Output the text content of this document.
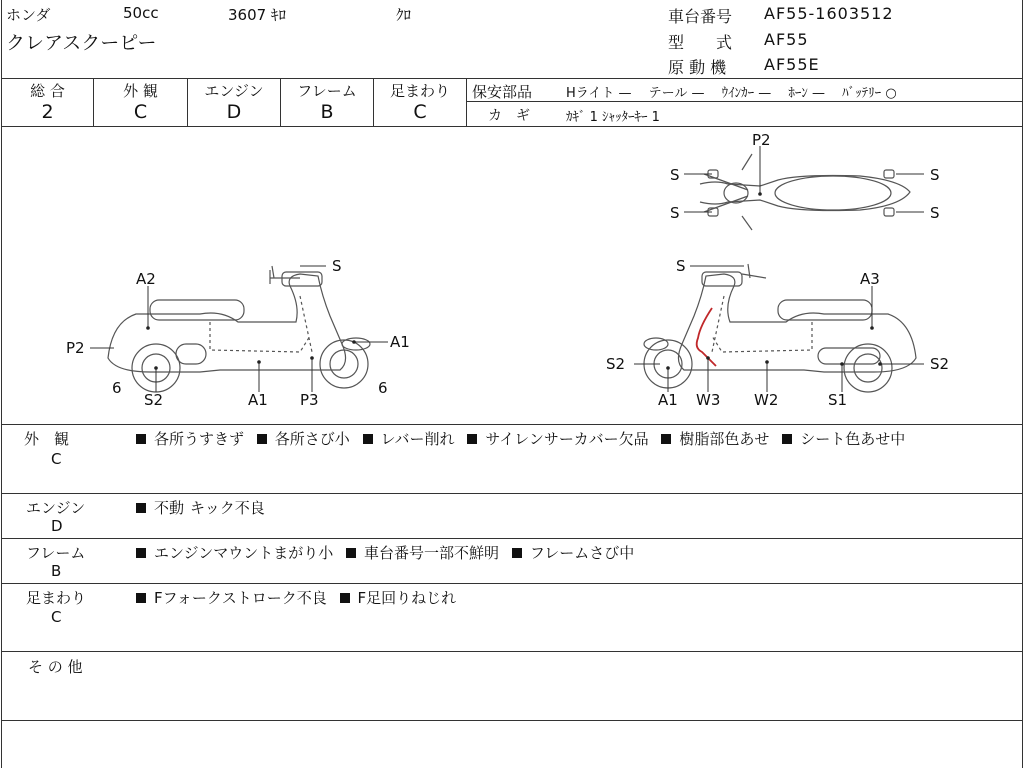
ホンダ	50cc	3607 ｷﾛ	ｸﾛ
クレアスクーピー
車台番号 AF55-1603512
型　　式 AF55
原 動 機 AF55E
総 合
2
外 観
C
エンジン
D
フレーム
B
足まわり
C
保安部品	Hライト —　 テール —　 ｳｲﾝｶｰ —　 ﾎｰﾝ —　 ﾊﾞｯﾃﾘｰ ○
カ　ギ	ｶｷﾞ 1 ｼｬｯﾀｰｷｰ 1
A2
S
P2	A1
6	6
S2	A1 P3
P2
S
S
S
S
S
A3
S2	S2
A1 W3 W2	S1
外　観
C
各所うすきず 各所さび小 レバー削れ サイレンサーカバー欠品 樹脂部色あせ シート色あせ中
エンジン
D
不動 キック不良
フレーム
B
エンジンマウントまがり小 車台番号一部不鮮明 フレームさび中
足まわり
C
Fフォークストローク不良 F足回りねじれ
そ の 他
